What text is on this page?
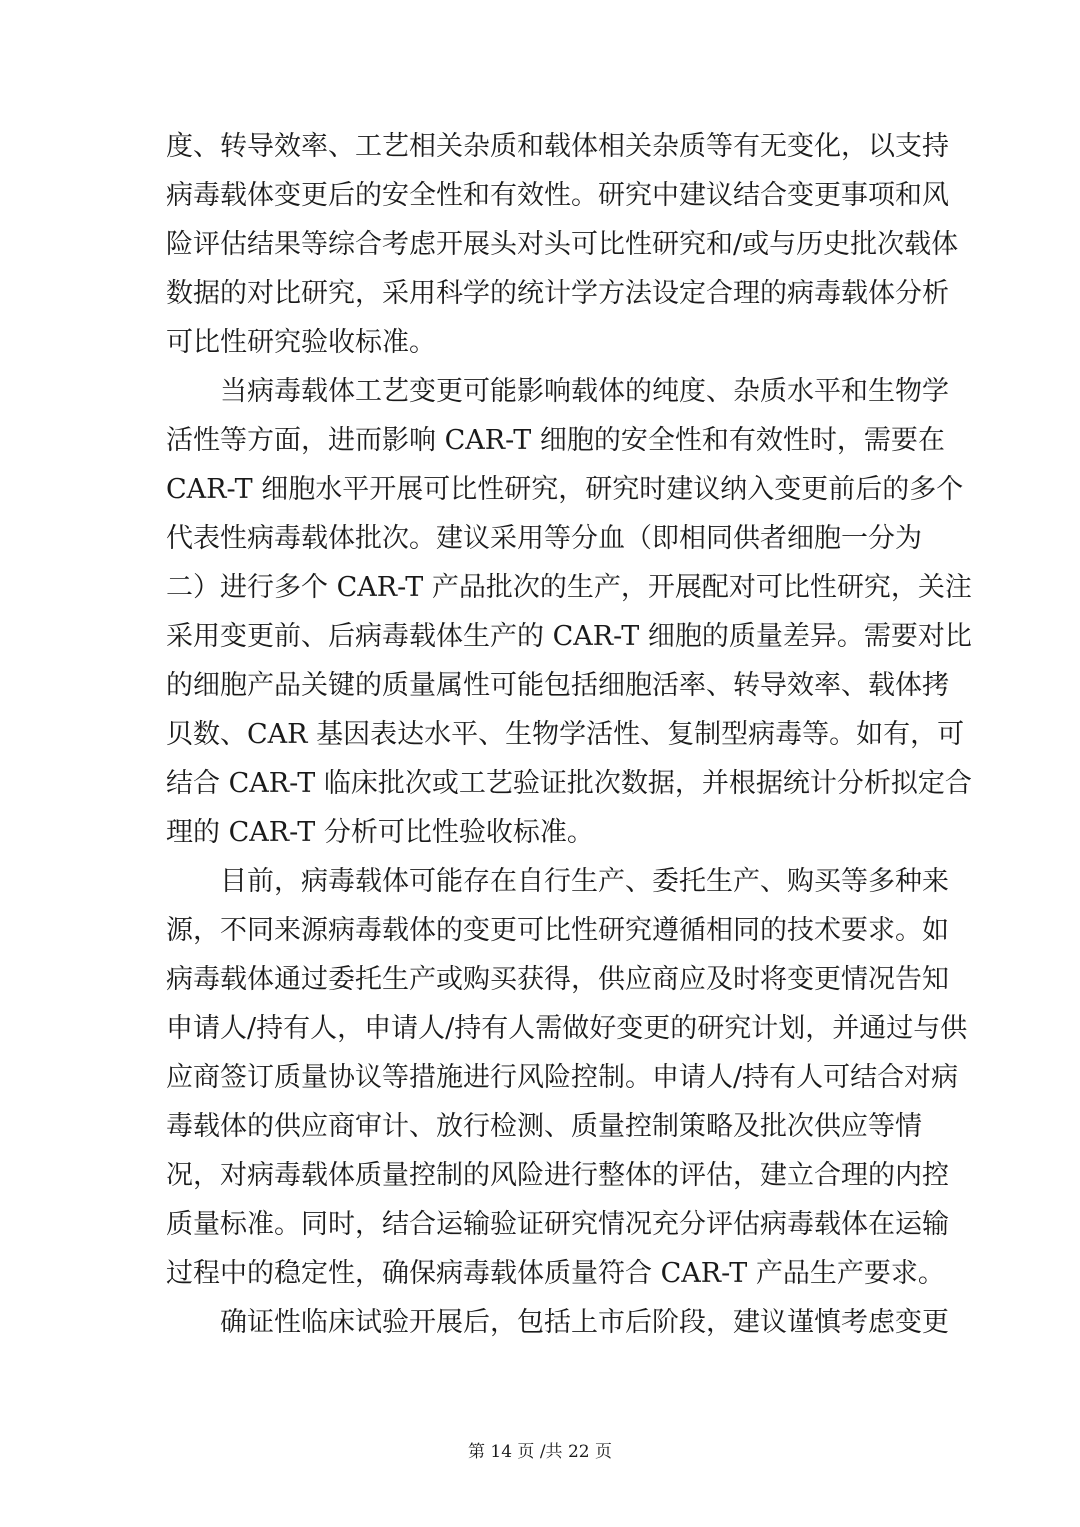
度、转导效率、工艺相关杂质和载体相关杂质等有无变化，以支持
病毒载体变更后的安全性和有效性。研究中建议结合变更事项和风
险评估结果等综合考虑开展头对头可比性研究和/或与历史批次载体
数据的对比研究，采用科学的统计学方法设定合理的病毒载体分析
可比性研究验收标准。
当病毒载体工艺变更可能影响载体的纯度、杂质水平和生物学
活性等方面，进而影响 CAR-T 细胞的安全性和有效性时，需要在
CAR-T 细胞水平开展可比性研究，研究时建议纳入变更前后的多个
代表性病毒载体批次。建议采用等分血（即相同供者细胞一分为
二）进行多个 CAR-T 产品批次的生产，开展配对可比性研究，关注
采用变更前、后病毒载体生产的 CAR-T 细胞的质量差异。需要对比
的细胞产品关键的质量属性可能包括细胞活率、转导效率、载体拷
贝数、CAR 基因表达水平、生物学活性、复制型病毒等。如有，可
结合 CAR-T 临床批次或工艺验证批次数据，并根据统计分析拟定合
理的 CAR-T 分析可比性验收标准。
目前，病毒载体可能存在自行生产、委托生产、购买等多种来
源，不同来源病毒载体的变更可比性研究遵循相同的技术要求。如
病毒载体通过委托生产或购买获得，供应商应及时将变更情况告知
申请人/持有人，申请人/持有人需做好变更的研究计划，并通过与供
应商签订质量协议等措施进行风险控制。申请人/持有人可结合对病
毒载体的供应商审计、放行检测、质量控制策略及批次供应等情
况，对病毒载体质量控制的风险进行整体的评估，建立合理的内控
质量标准。同时，结合运输验证研究情况充分评估病毒载体在运输
过程中的稳定性，确保病毒载体质量符合 CAR-T 产品生产要求。
确证性临床试验开展后，包括上市后阶段，建议谨慎考虑变更
第 14 页 /共 22 页
